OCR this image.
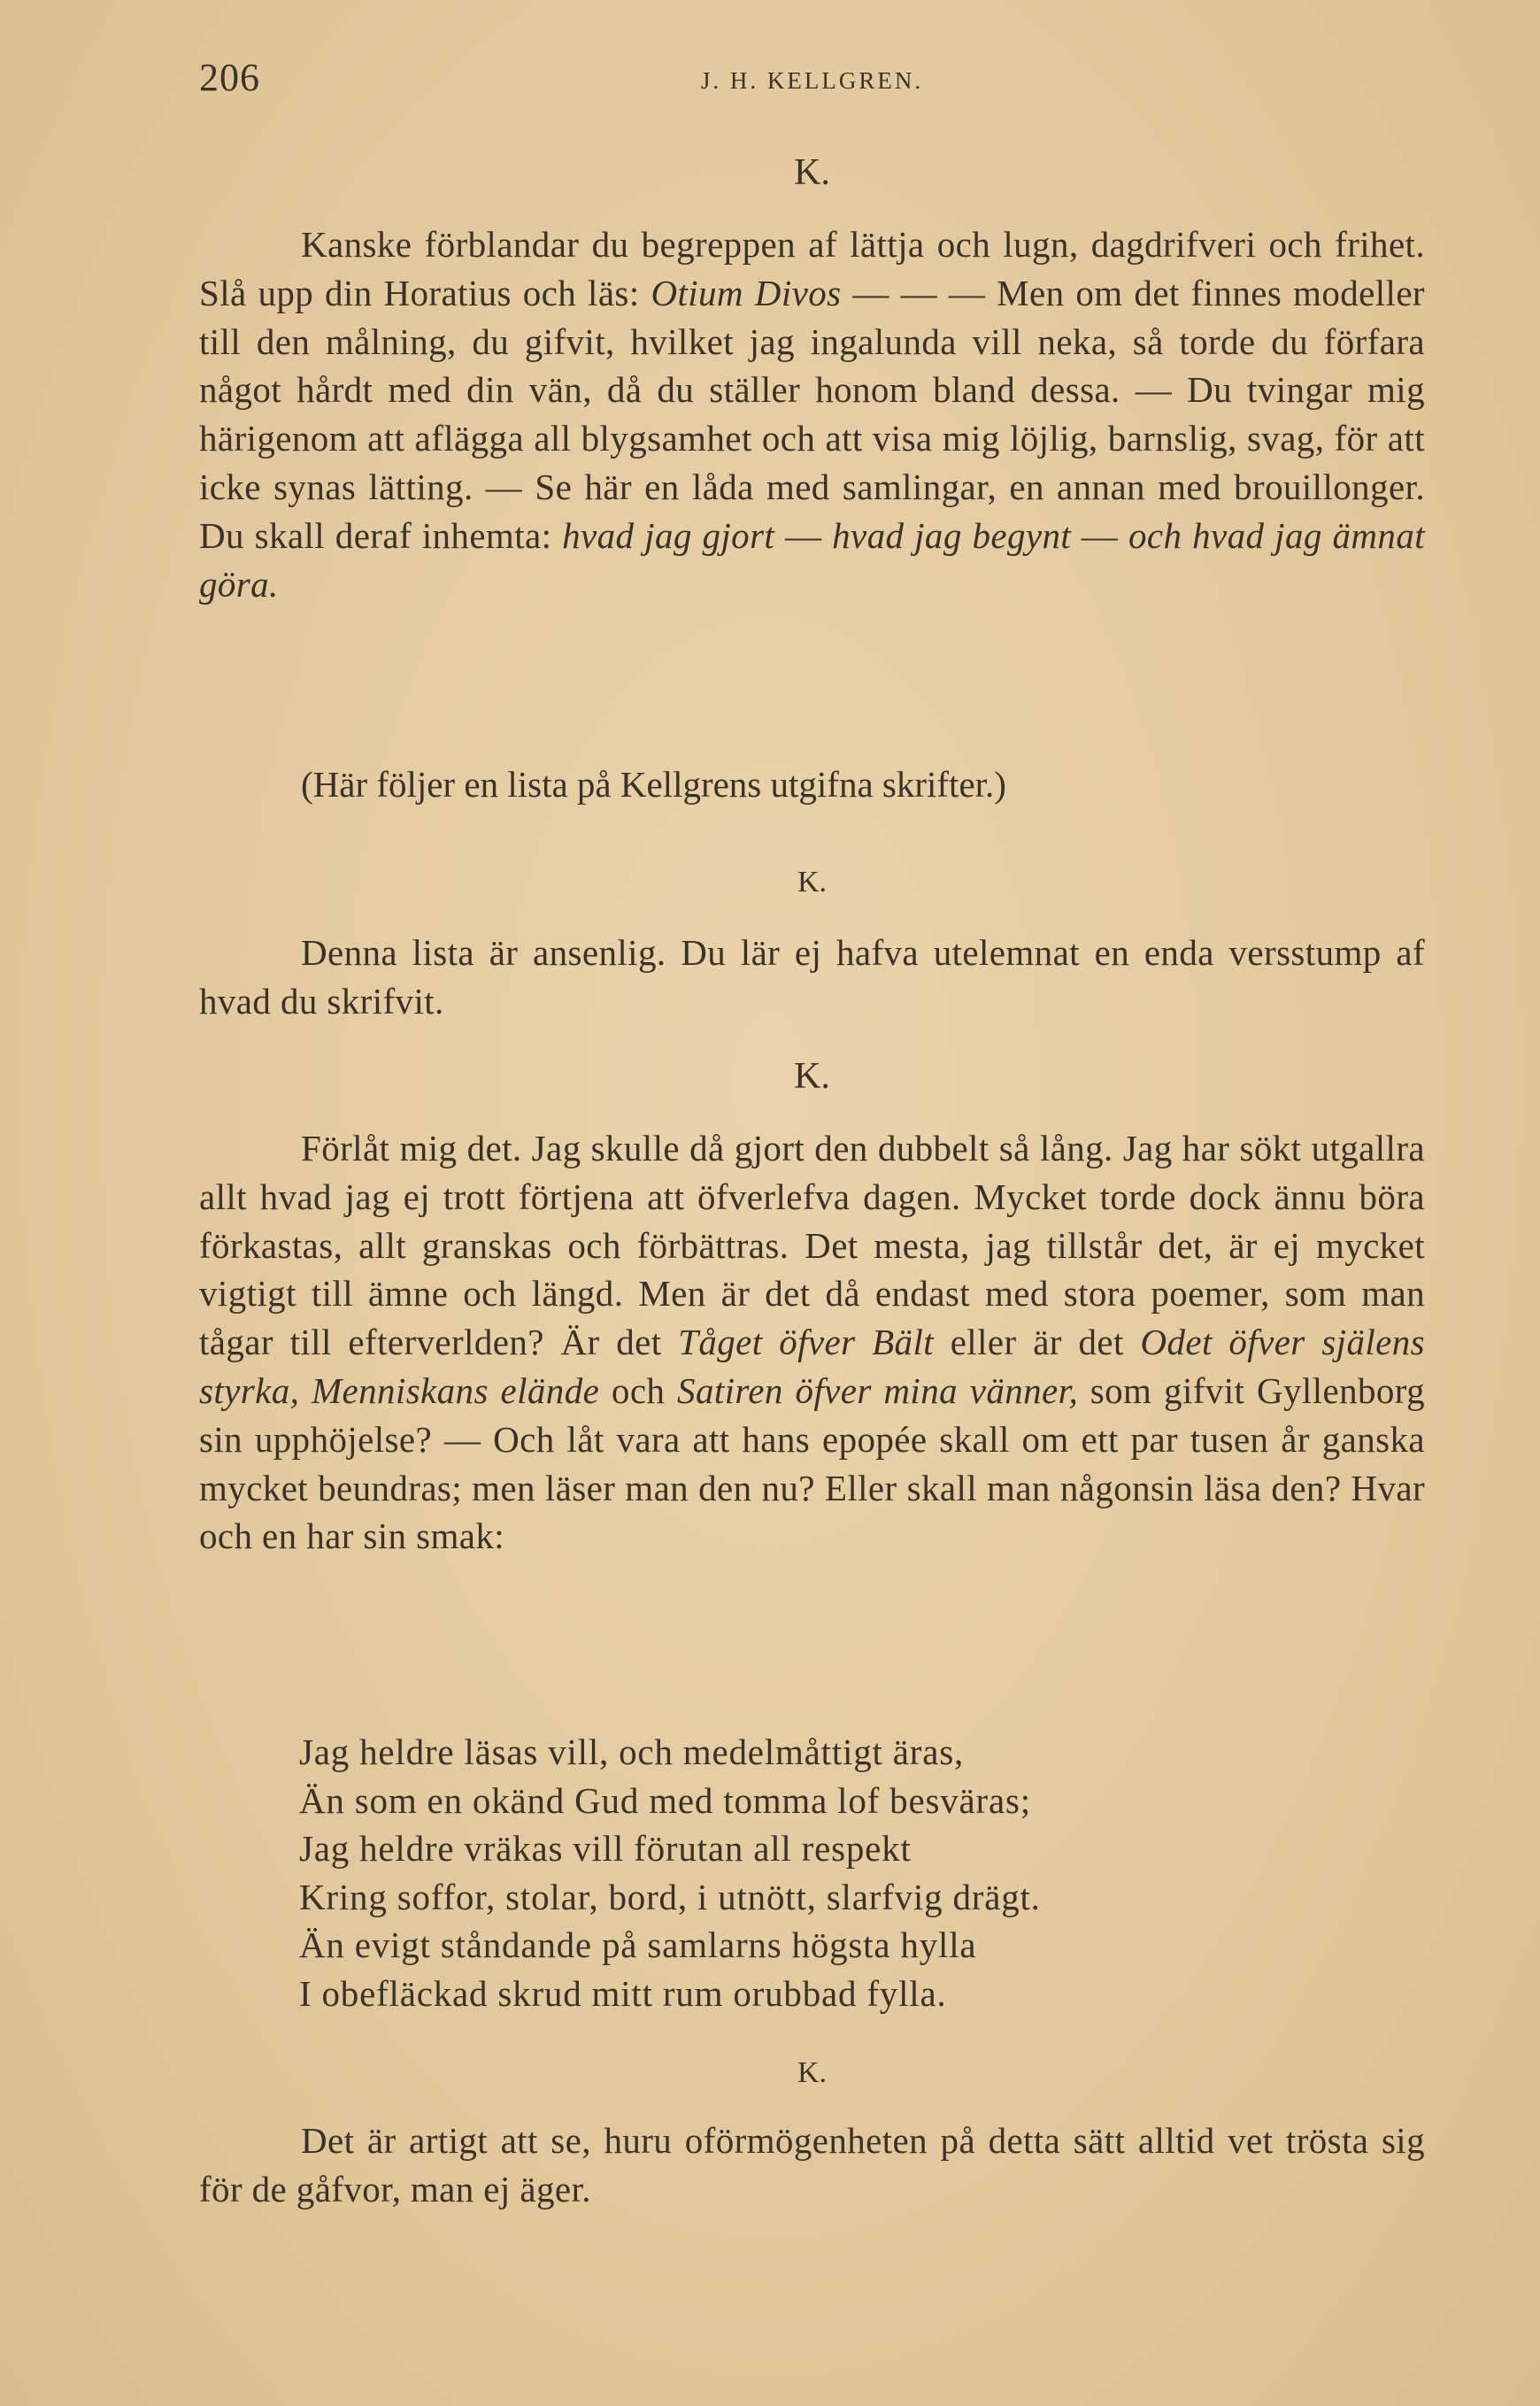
206	J. H. KELLGREN.
K.

Kanske förblandar du begreppen af lättja och lugn, dagdrifveri och frihet. Slå upp din Horatius och läs: Otium Divos — — — Men om det finnes modeller till den målning, du gifvit, hvilket jag ingalunda vill neka, så torde du förfara något hårdt med din vän, då du ställer honom bland dessa. — Du tvingar mig härigenom att aflägga all blygsamhet och att visa mig löjlig, barnslig, svag, för att icke synas lätting. — Se här en låda med samlingar, en annan med brouillonger. Du skall deraf inhemta: hvad jag gjort — hvad jag begynt — och hvad jag ämnat göra.

(Här följer en lista på Kellgrens utgifna skrifter.)
K.

Denna lista är ansenlig. Du lär ej hafva utelemnat en enda versstump af hvad du skrifvit.

K.

Förlåt mig det. Jag skulle då gjort den dubbelt så lång. Jag har sökt utgallra allt hvad jag ej trott förtjena att öfverlefva dagen. Mycket torde dock ännu böra förkastas, allt granskas och förbättras. Det mesta, jag tillstår det, är ej mycket vigtigt till ämne och längd. Men är det då endast med stora poemer, som man tågar till efterverlden? Är det Tåget öfver Bält eller är det Odet öfver själens styrka, Menniskans elände och Satiren öfver mina vänner, som gifvit Gyllenborg sin upphöjelse? — Och låt vara att hans epopée skall om ett par tusen år ganska mycket beundras; men läser man den nu? Eller skall man någonsin läsa den? Hvar och en har sin smak:

Jag heldre läsas vill, och medelmåttigt äras,
Än som en okänd Gud med tomma lof besväras;
Jag heldre vräkas vill förutan all respekt
Kring soffor, stolar, bord, i utnött, slarfvig drägt.
Än evigt ståndande på samlarns högsta hylla
I obefläckad skrud mitt rum orubbad fylla.
K.

Det är artigt att se, huru oförmögenheten på detta sätt alltid vet trösta sig för de gåfvor, man ej äger.
